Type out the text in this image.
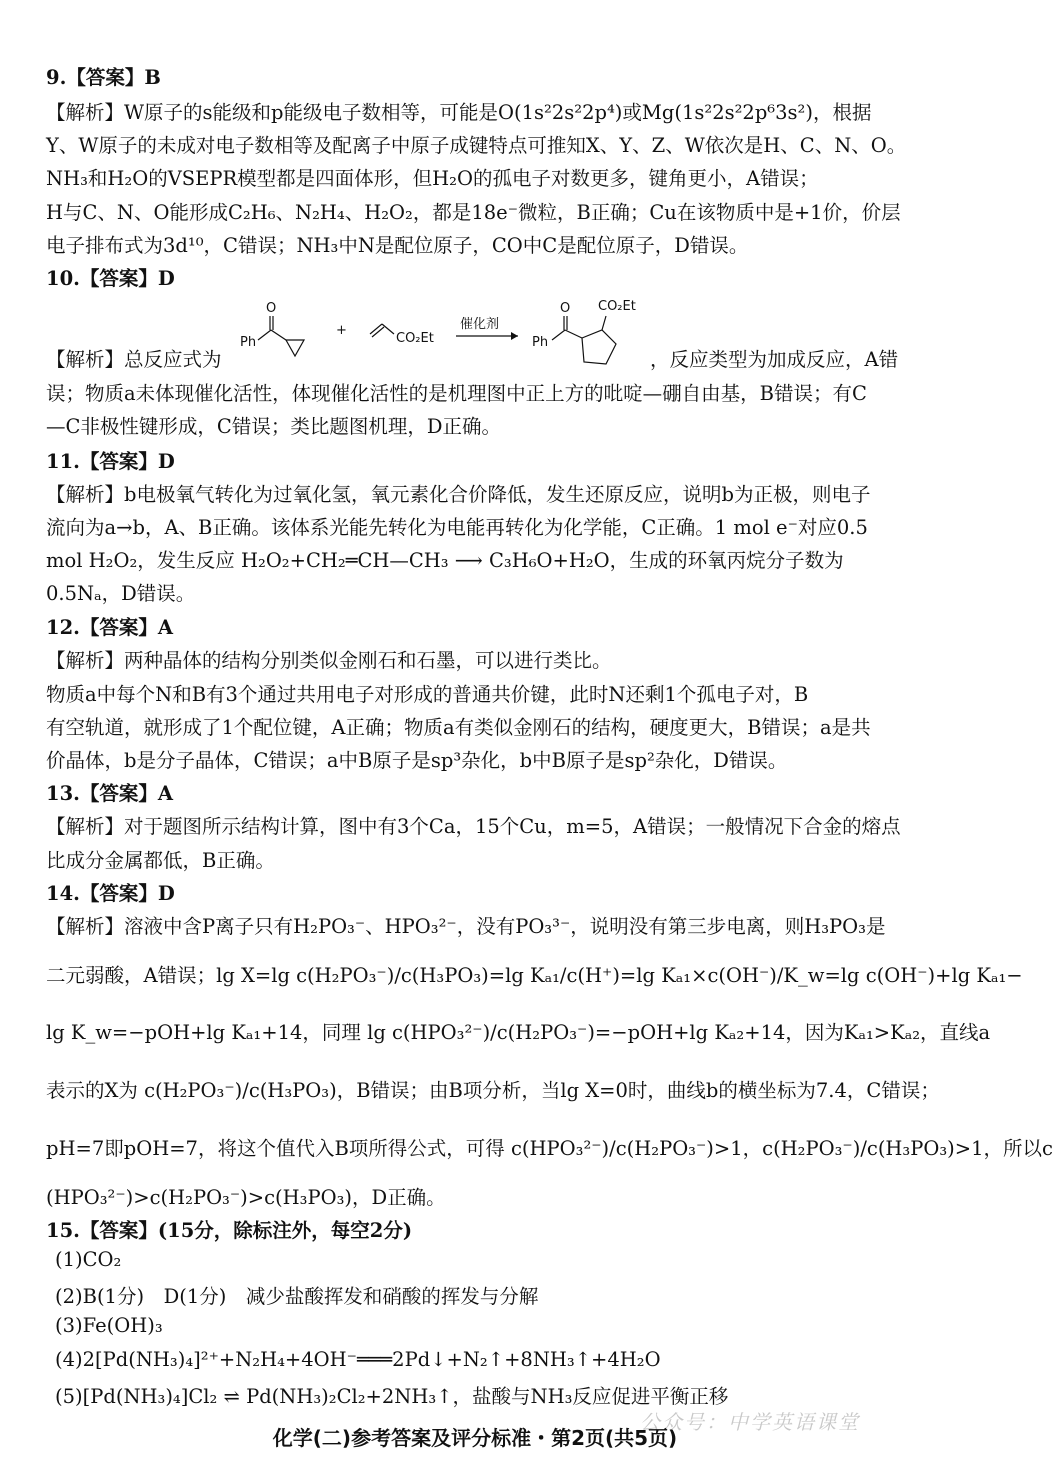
9.【答案】B
【解析】W原子的s能级和p能级电子数相等，可能是O(1s²2s²2p⁴)或Mg(1s²2s²2p⁶3s²)，根据
Y、W原子的未成对电子数相等及配离子中原子成键特点可推知X、Y、Z、W依次是H、C、N、O。
NH₃和H₂O的VSEPR模型都是四面体形，但H₂O的孤电子对数更多，键角更小，A错误；
H与C、N、O能形成C₂H₆、N₂H₄、H₂O₂，都是18e⁻微粒，B正确；Cu在该物质中是+1价，价层
电子排布式为3d¹⁰，C错误；NH₃中N是配位原子，CO中C是配位原子，D错误。
10.【答案】D
O
Ph
+
CO₂Et
催化剂
O
Ph
CO₂Et
【解析】总反应式为	，反应类型为加成反应，A错
误；物质a未体现催化活性，体现催化活性的是机理图中正上方的吡啶—硼自由基，B错误；有C
—C非极性键形成，C错误；类比题图机理，D正确。
11.【答案】D
【解析】b电极氧气转化为过氧化氢，氧元素化合价降低，发生还原反应，说明b为正极，则电子
流向为a→b，A、B正确。该体系光能先转化为电能再转化为化学能，C正确。1 mol e⁻对应0.5
mol H₂O₂，发生反应 H₂O₂+CH₂═CH—CH₃ ⟶ C₃H₆O+H₂O，生成的环氧丙烷分子数为
0.5Nₐ，D错误。
12.【答案】A
【解析】两种晶体的结构分别类似金刚石和石墨，可以进行类比。
物质a中每个N和B有3个通过共用电子对形成的普通共价键，此时N还剩1个孤电子对，B
有空轨道，就形成了1个配位键，A正确；物质a有类似金刚石的结构，硬度更大，B错误；a是共
价晶体，b是分子晶体，C错误；a中B原子是sp³杂化，b中B原子是sp²杂化，D错误。
13.【答案】A
【解析】对于题图所示结构计算，图中有3个Ca，15个Cu，m=5，A错误；一般情况下合金的熔点
比成分金属都低，B正确。
14.【答案】D
【解析】溶液中含P离子只有H₂PO₃⁻、HPO₃²⁻，没有PO₃³⁻，说明没有第三步电离，则H₃PO₃是
二元弱酸，A错误；lg X=lg c(H₂PO₃⁻)/c(H₃PO₃)=lg Kₐ₁/c(H⁺)=lg Kₐ₁×c(OH⁻)/K_w=lg c(OH⁻)+lg Kₐ₁−
lg K_w=−pOH+lg Kₐ₁+14，同理 lg c(HPO₃²⁻)/c(H₂PO₃⁻)=−pOH+lg Kₐ₂+14，因为Kₐ₁>Kₐ₂，直线a
表示的X为 c(H₂PO₃⁻)/c(H₃PO₃)，B错误；由B项分析，当lg X=0时，曲线b的横坐标为7.4，C错误；
pH=7即pOH=7，将这个值代入B项所得公式，可得 c(HPO₃²⁻)/c(H₂PO₃⁻)>1，c(H₂PO₃⁻)/c(H₃PO₃)>1，所以c
(HPO₃²⁻)>c(H₂PO₃⁻)>c(H₃PO₃)，D正确。
15.【答案】(15分，除标注外，每空2分)
(1)CO₂
(2)B(1分)　D(1分)　减少盐酸挥发和硝酸的挥发与分解
(3)Fe(OH)₃
(4)2[Pd(NH₃)₄]²⁺+N₂H₄+4OH⁻═══2Pd↓+N₂↑+8NH₃↑+4H₂O
(5)[Pd(NH₃)₄]Cl₂ ⇌ Pd(NH₃)₂Cl₂+2NH₃↑，盐酸与NH₃反应促进平衡正移
公众号：中学英语课堂
化学(二)参考答案及评分标准・第2页(共5页)
